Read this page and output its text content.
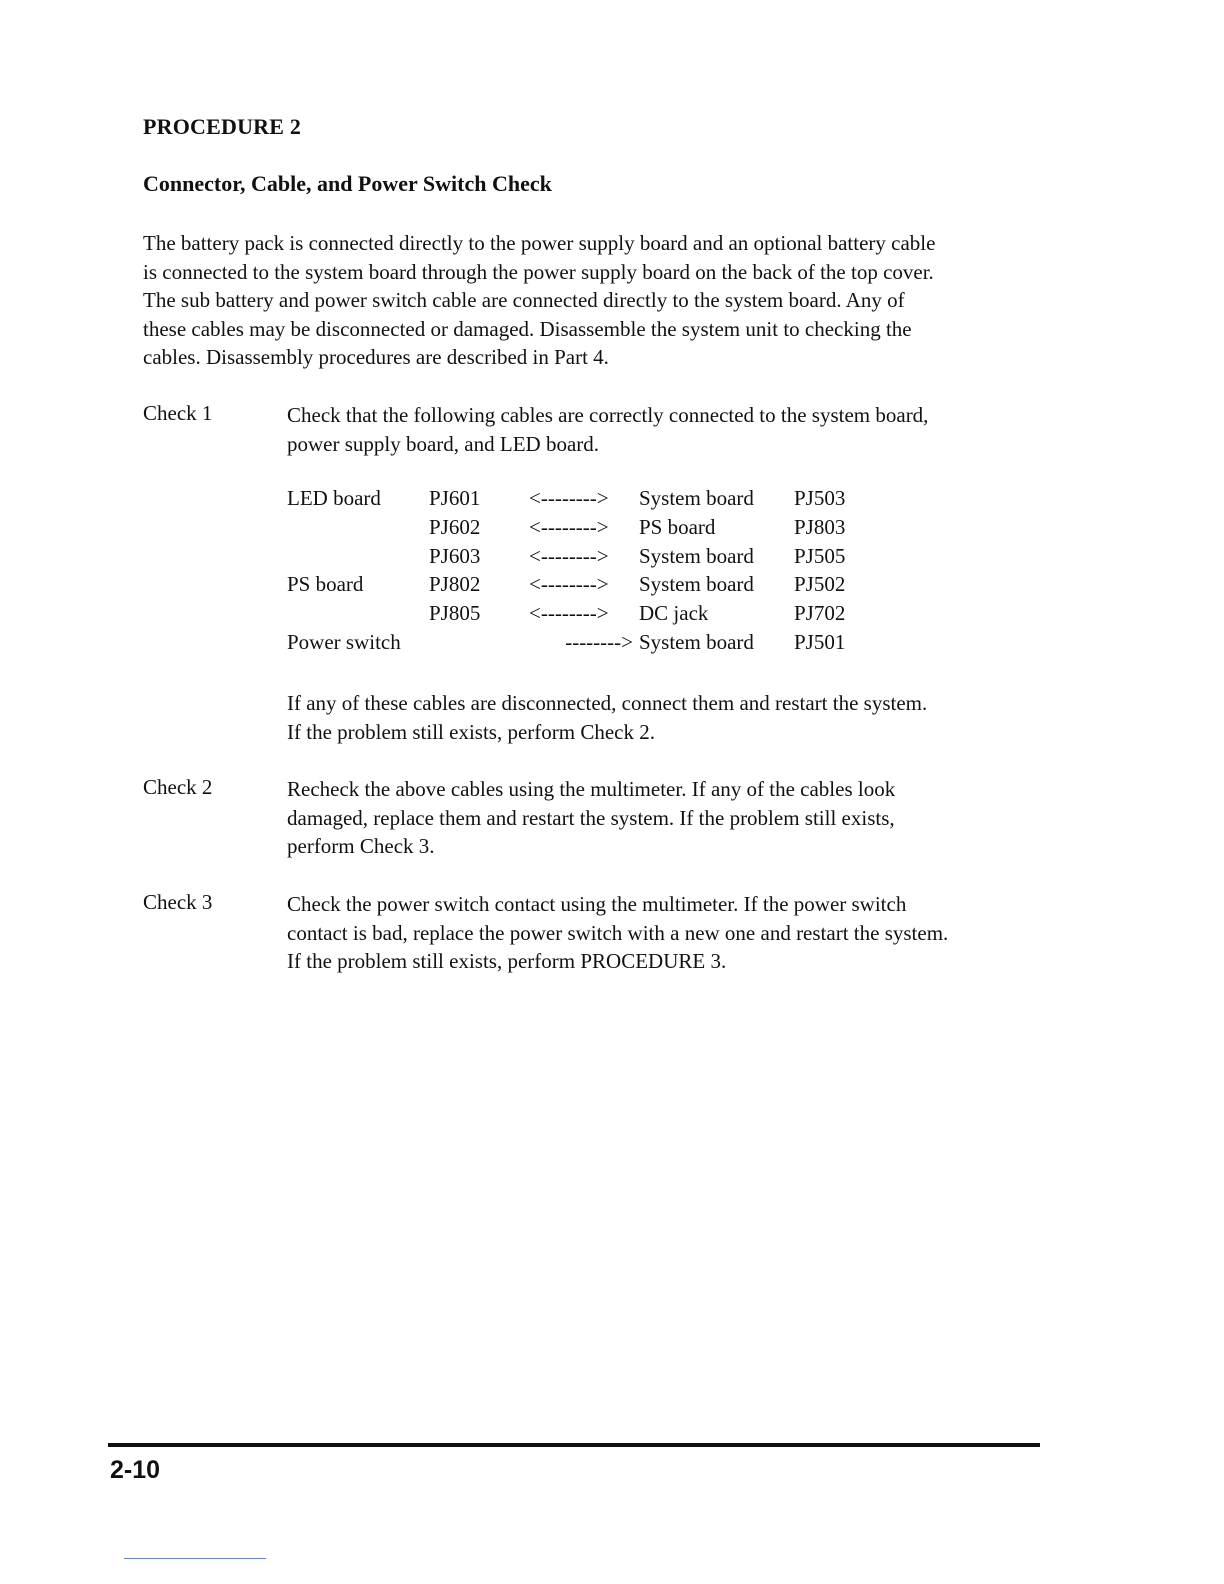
PROCEDURE 2
Connector, Cable, and Power Switch Check

The battery pack is connected directly to the power supply board and an optional battery cable
is connected to the system board through the power supply board on the back of the top cover.
The sub battery and power switch cable are connected directly to the system board. Any of
these cables may be disconnected or damaged. Disassemble the system unit to checking the
cables. Disassembly procedures are described in Part 4.

Check 1	Check that the following cables are correctly connected to the system board,
power supply board, and LED board.

LED board	PJ601	<-------->	System board	PJ503
	PJ602	<-------->	PS board	PJ803
	PJ603	<-------->	System board	PJ505
PS board	PJ802	<-------->	System board	PJ502
	PJ805	<-------->	DC jack	PJ702
Power switch		-------->	System board	PJ501

If any of these cables are disconnected, connect them and restart the system.
If the problem still exists, perform Check 2.

Check 2	Recheck the above cables using the multimeter. If any of the cables look
damaged, replace them and restart the system. If the problem still exists,
perform Check 3.

Check 3	Check the power switch contact using the multimeter. If the power switch
contact is bad, replace the power switch with a new one and restart the system.
If the problem still exists, perform PROCEDURE 3.

2-10
